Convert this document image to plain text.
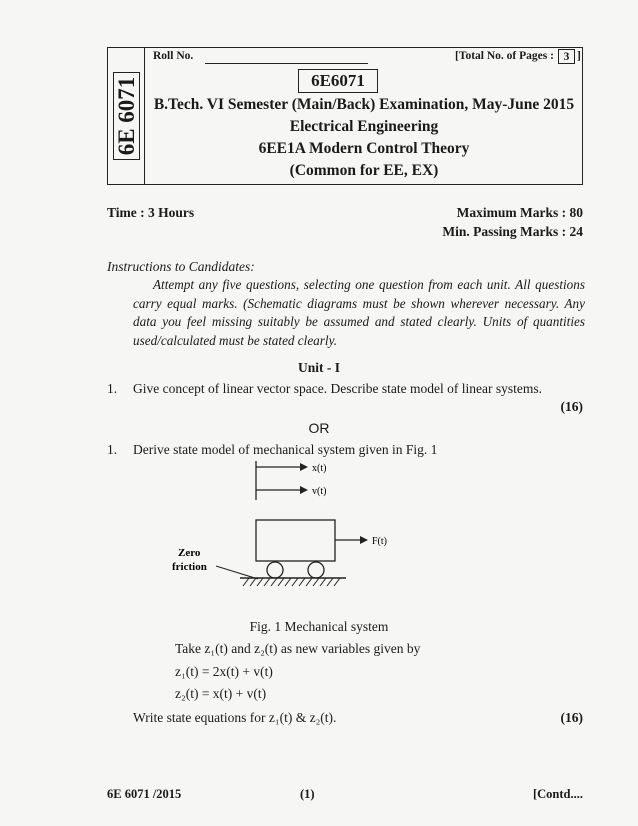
6E 6071
Roll No.	[Total No. of Pages : 3 ]
6E6071
B.Tech. VI Semester (Main/Back) Examination, May-June 2015
Electrical Engineering
6EE1A Modern Control Theory
(Common for EE, EX)
Time : 3 Hours	Maximum Marks : 80
Min. Passing Marks : 24
Instructions to Candidates:
Attempt any five questions, selecting one question from each unit. All questions carry equal marks. (Schematic diagrams must be shown wherever necessary. Any data you feel missing suitably be assumed and stated clearly. Units of quantities used/calculated must be stated clearly.
Unit - I
1. Give concept of linear vector space. Describe state model of linear systems.
(16)
OR
1. Derive state model of mechanical system given in Fig. 1
x(t)
v(t)
F(t)
Zero
friction
Fig. 1 Mechanical system
Take z₁(t) and z₂(t) as new variables given by
z₁(t) = 2x(t) + v(t)
z₂(t) = x(t) + v(t)
Write state equations for z₁(t) & z₂(t).	(16)
6E 6071 /2015	(1)	[Contd....
